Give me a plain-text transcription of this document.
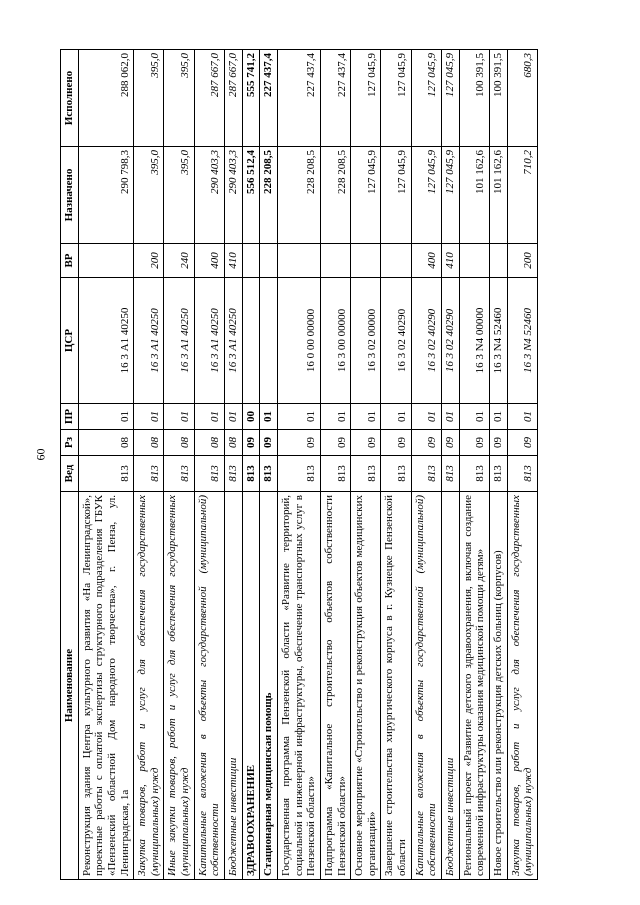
60
Наименование	Вед	Рз	ПР	ЦСР	ВР	Назначено	Исполнено
Реконструкция здания Центра культурного развития «На Ленинградской», проектные работы с оплатой экспертизы структурного подразделения ГБУК «Пензенский областной Дом народного творчества», г. Пенза, ул. Ленинградская, 1а	813	08	01	16 3 А1 40250		290 798,3	288 062,0
Закупка товаров, работ и услуг для обеспечения государственных (муниципальных) нужд	813	08	01	16 3 А1 40250	200	395,0	395,0
Иные закупки товаров, работ и услуг для обеспечения государственных (муниципальных) нужд	813	08	01	16 3 А1 40250	240	395,0	395,0
Капитальные вложения в объекты государственной (муниципальной) собственности	813	08	01	16 3 А1 40250	400	290 403,3	287 667,0
Бюджетные инвестиции	813	08	01	16 3 А1 40250	410	290 403,3	287 667,0
ЗДРАВООХРАНЕНИЕ	813	09	00			556 512,4	555 741,2
Стационарная медицинская помощь	813	09	01			228 208,5	227 437,4
Государственная программа Пензенской области «Развитие территорий, социальной и инженерной инфраструктуры, обеспечение транспортных услуг в Пензенской области»	813	09	01	16 0 00 00000		228 208,5	227 437,4
Подпрограмма «Капитальное строительство объектов собственности Пензенской области»	813	09	01	16 3 00 00000		228 208,5	227 437,4
Основное мероприятие «Строительство и реконструкция объектов медицинских организаций»	813	09	01	16 3 02 00000		127 045,9	127 045,9
Завершение строительства хирургического корпуса в г. Кузнецке Пензенской области	813	09	01	16 3 02 40290		127 045,9	127 045,9
Капитальные вложения в объекты государственной (муниципальной) собственности	813	09	01	16 3 02 40290	400	127 045,9	127 045,9
Бюджетные инвестиции	813	09	01	16 3 02 40290	410	127 045,9	127 045,9
Региональный проект «Развитие детского здравоохранения, включая создание современной инфраструктуры оказания медицинской помощи детям»	813	09	01	16 3 N4 00000		101 162,6	100 391,5
Новое строительство или реконструкция детских больниц (корпусов)	813	09	01	16 3 N4 52460		101 162,6	100 391,5
Закупка товаров, работ и услуг для обеспечения государственных (муниципальных) нужд	813	09	01	16 3 N4 52460	200	710,2	680,3
